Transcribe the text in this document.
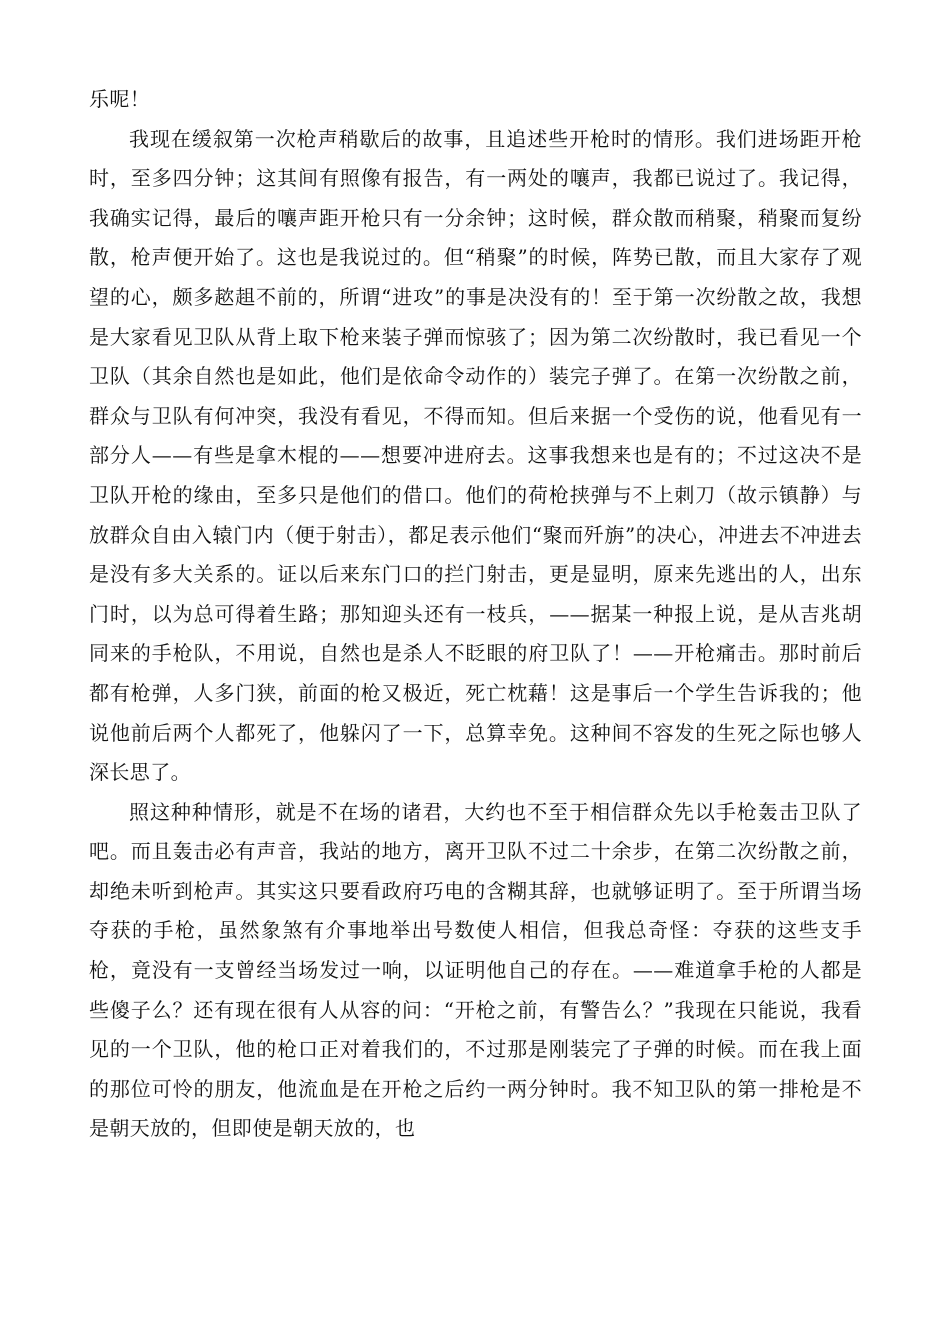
乐呢！

我现在缓叙第一次枪声稍歇后的故事，且追述些开枪时的情形。我们进场距开枪时，至多四分钟；这其间有照像有报告，有一两处的嚷声，我都已说过了。我记得，我确实记得，最后的嚷声距开枪只有一分余钟；这时候，群众散而稍聚，稍聚而复纷散，枪声便开始了。这也是我说过的。但“稍聚”的时候，阵势已散，而且大家存了观望的心，颇多趑趄不前的，所谓“进攻”的事是决没有的！至于第一次纷散之故，我想是大家看见卫队从背上取下枪来装子弹而惊骇了；因为第二次纷散时，我已看见一个卫队（其余自然也是如此，他们是依命令动作的）装完子弹了。在第一次纷散之前，群众与卫队有何冲突，我没有看见，不得而知。但后来据一个受伤的说，他看见有一部分人——有些是拿木棍的——想要冲进府去。这事我想来也是有的；不过这决不是卫队开枪的缘由，至多只是他们的借口。他们的荷枪挟弹与不上刺刀（故示镇静）与放群众自由入辕门内（便于射击），都足表示他们“聚而歼旃”的决心，冲进去不冲进去是没有多大关系的。证以后来东门口的拦门射击，更是显明，原来先逃出的人，出东门时，以为总可得着生路；那知迎头还有一枝兵，——据某一种报上说，是从吉兆胡同来的手枪队，不用说，自然也是杀人不眨眼的府卫队了！——开枪痛击。那时前后都有枪弹，人多门狭，前面的枪又极近，死亡枕藉！这是事后一个学生告诉我的；他说他前后两个人都死了，他躲闪了一下，总算幸免。这种间不容发的生死之际也够人深长思了。

照这种种情形，就是不在场的诸君，大约也不至于相信群众先以手枪轰击卫队了吧。而且轰击必有声音，我站的地方，离开卫队不过二十余步，在第二次纷散之前，却绝未听到枪声。其实这只要看政府巧电的含糊其辞，也就够证明了。至于所谓当场夺获的手枪，虽然象煞有介事地举出号数使人相信，但我总奇怪：夺获的这些支手枪，竟没有一支曾经当场发过一响，以证明他自己的存在。——难道拿手枪的人都是些傻子么？还有现在很有人从容的问：“开枪之前，有警告么？”我现在只能说，我看见的一个卫队，他的枪口正对着我们的，不过那是刚装完了子弹的时候。而在我上面的那位可怜的朋友，他流血是在开枪之后约一两分钟时。我不知卫队的第一排枪是不是朝天放的，但即使是朝天放的，也
